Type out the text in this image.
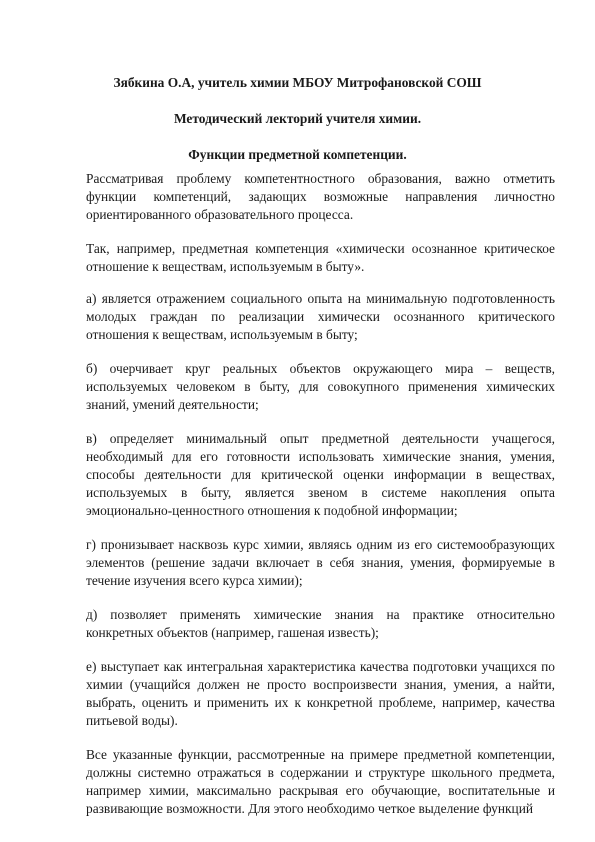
Зябкина О.А, учитель химии МБОУ Митрофановской СОШ

Методический лекторий учителя химии.

Функции предметной компетенции.

Рассматривая проблему компетентностного образования, важно отметить функции компетенций, задающих возможные направления личностно ориентированного образовательного процесса.

Так, например, предметная компетенция «химически осознанное критическое отношение к веществам, используемым в быту».

а) является отражением социального опыта на минимальную подготовленность молодых граждан по реализации химически осознанного критического отношения к веществам, используемым в быту;

б) очерчивает круг реальных объектов окружающего мира – веществ, используемых человеком в быту, для совокупного применения химических знаний, умений деятельности;

в) определяет минимальный опыт предметной деятельности учащегося, необходимый для его готовности использовать химические знания, умения, способы деятельности для критической оценки информации в веществах, используемых в быту, является звеном в системе накопления опыта эмоционально-ценностного отношения к подобной информации;

г) пронизывает насквозь курс химии, являясь одним из его системообразующих элементов (решение задачи включает в себя знания, умения, формируемые в течение изучения всего курса химии);

д) позволяет применять химические знания на практике относительно конкретных объектов (например, гашеная известь);

е) выступает как интегральная характеристика качества подготовки учащихся по химии (учащийся должен не просто воспроизвести знания, умения, а найти, выбрать, оценить и применить их к конкретной проблеме, например, качества питьевой воды).

Все указанные функции, рассмотренные на примере предметной компетенции, должны системно отражаться в содержании и структуре школьного предмета, например химии, максимально раскрывая его обучающие, воспитательные и развивающие возможности. Для этого необходимо четкое выделение функций
